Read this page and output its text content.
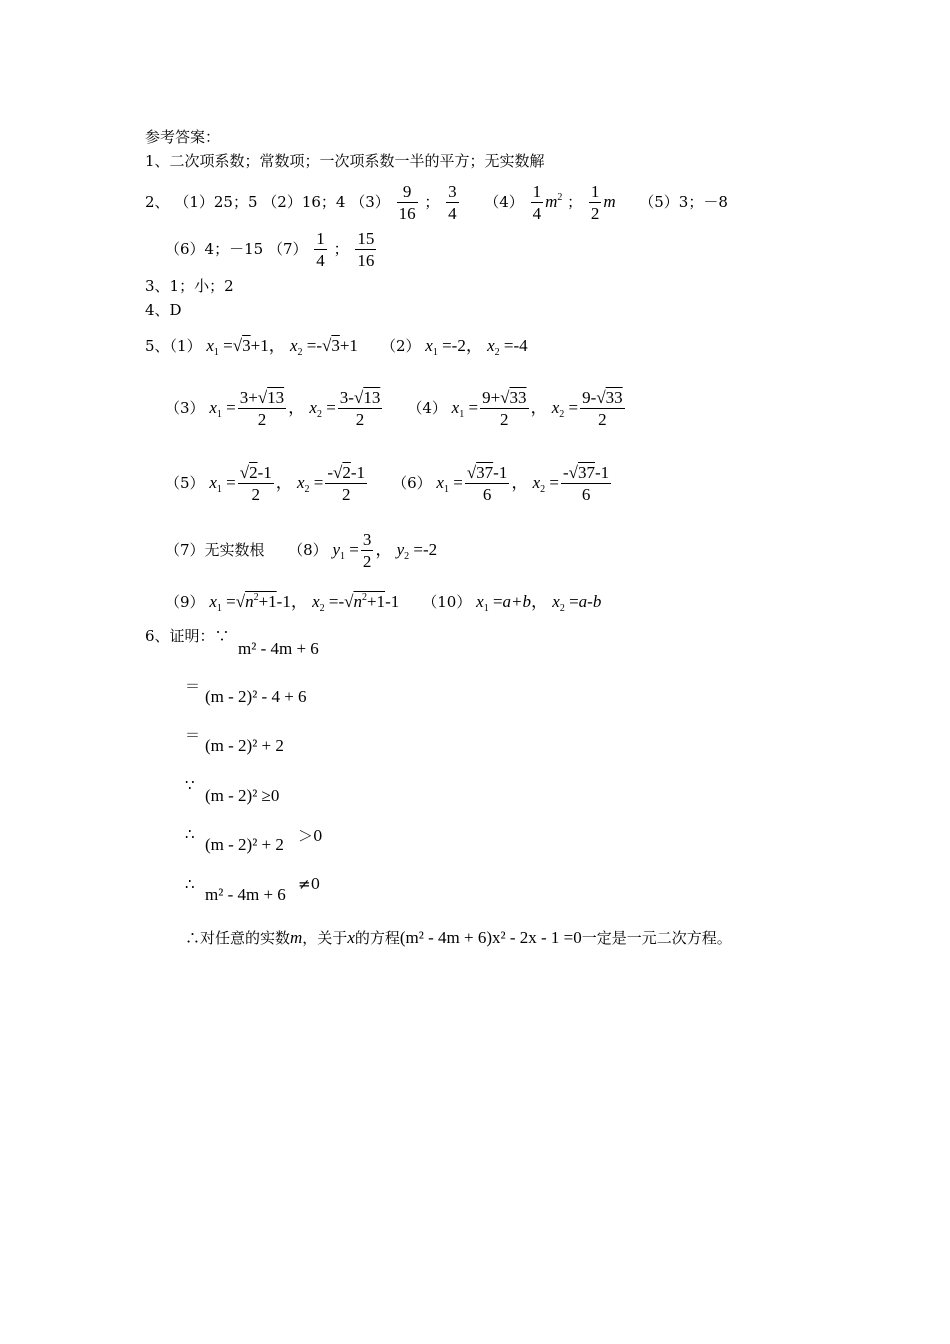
参考答案：
1、二次项系数；常数项；一次项系数一半的平方；无实数解
2、 （1）25；5 （2）16；4 $(3) \frac{9}{16}$ ； $\frac{3}{4} (4) \frac{1}{4} m^2$ ； $\frac{1}{2}$ m （5）3；－8
（6）4；－15 $(7) \frac{1}{4}$ ； $\frac{15}{16}$
3、1；小；2
4、D
5、（1） $x_1 =√3+1$， $x_2 =-√3+1$ （2） $x_1 =-2$， $x_2 =-4$
（3） $x_1 = \frac{3+√13}{2}$ ， $x_2 = \frac{3-√13}{2} (4) x_1 = \frac{9+√33}{2}$ ， $x_2 = \frac{9-√33}{2}$
（5） $x_1 = \frac{√2-1}{2}$ ， $x_2 = \frac{-√2-1}{2} (6) x_1 = \frac{√37-1}{6}$ ， $x_2 = \frac{-√37-1}{6}$
（7）无实数根 （8） $y_1 = \frac{3}{2}$ ， $y_2 =-2$
（9） $x_1 =√n^2+1-1$， $x_2 =-√n^2+1-1$ （10） $x_1 =a+b$， $x_2 =a-b$
6、证明：∵
m² - 4m + 6
＝
(m - 2)² - 4 + 6
＝
(m - 2)² + 2
∵
(m - 2)² ≥0
∴
(m - 2)² + 2 ＞0
∴
m² - 4m + 6
≠0
∴对任意的实数m，关于x的方程(m² - 4m + 6)x² - 2x - 1 =0一定是一元二次方程。
